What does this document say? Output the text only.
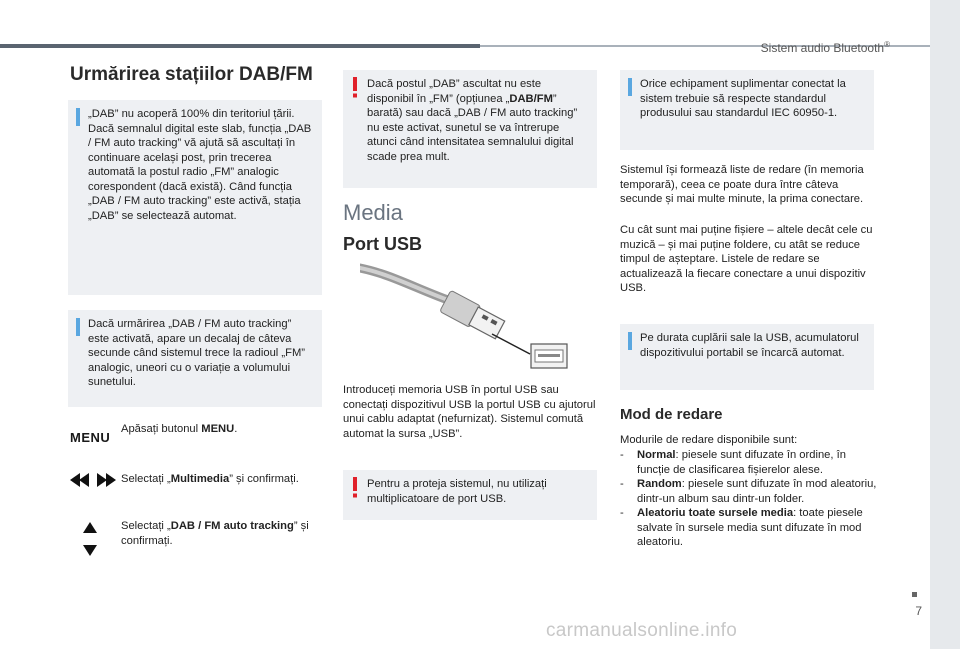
Sistem audio Bluetooth®
7
carmanualsonline.info
Urmărirea stațiilor DAB/FM
„DAB” nu acoperă 100% din teritoriul țării. Dacă semnalul digital este slab, funcția „DAB / FM auto tracking” vă ajută să ascultați în continuare același post, prin trecerea automată la postul radio „FM” analogic corespondent (dacă există). Când funcția „DAB / FM auto tracking” este activă, stația „DAB” se selectează automat.
Dacă urmărirea „DAB / FM auto tracking” este activată, apare un decalaj de câteva secunde când sistemul trece la radioul „FM” analogic, uneori cu o variație a volumului sunetului.
MENU

Apăsați butonul MENU.

Selectați „Multimedia” și confirmați.

Selectați „DAB / FM auto tracking” și confirmați.

Dacă postul „DAB” ascultat nu este disponibil în „FM” (opțiunea „DAB/FM” barată) sau dacă „DAB / FM auto tracking” nu este activat, sunetul se va întrerupe atunci când intensitatea semnalului digital scade prea mult.
Media
Port USB

Introduceți memoria USB în portul USB sau conectați dispozitivul USB la portul USB cu ajutorul unui cablu adaptat (nefurnizat). Sistemul comută automat la sursa „USB”.

Pentru a proteja sistemul, nu utilizați multiplicatoare de port USB.
Orice echipament suplimentar conectat la sistem trebuie să respecte standardul produsului sau standardul IEC 60950-1.

Sistemul își formează liste de redare (în memoria temporară), ceea ce poate dura între câteva secunde și mai multe minute, la prima conectare.

Cu cât sunt mai puține fișiere – altele decât cele cu muzică – și mai puține foldere, cu atât se reduce timpul de așteptare. Listele de redare se actualizează la fiecare conectare a unui dispozitiv USB.

Pe durata cuplării sale la USB, acumulatorul dispozitivului portabil se încarcă automat.
Mod de redare

Modurile de redare disponibile sunt:

- Normal: piesele sunt difuzate în ordine, în funcție de clasificarea fișierelor alese.
- Random: piesele sunt difuzate în mod aleatoriu, dintr-un album sau dintr-un folder.
- Aleatoriu toate sursele media: toate piesele salvate în sursele media sunt difuzate în mod aleatoriu.
